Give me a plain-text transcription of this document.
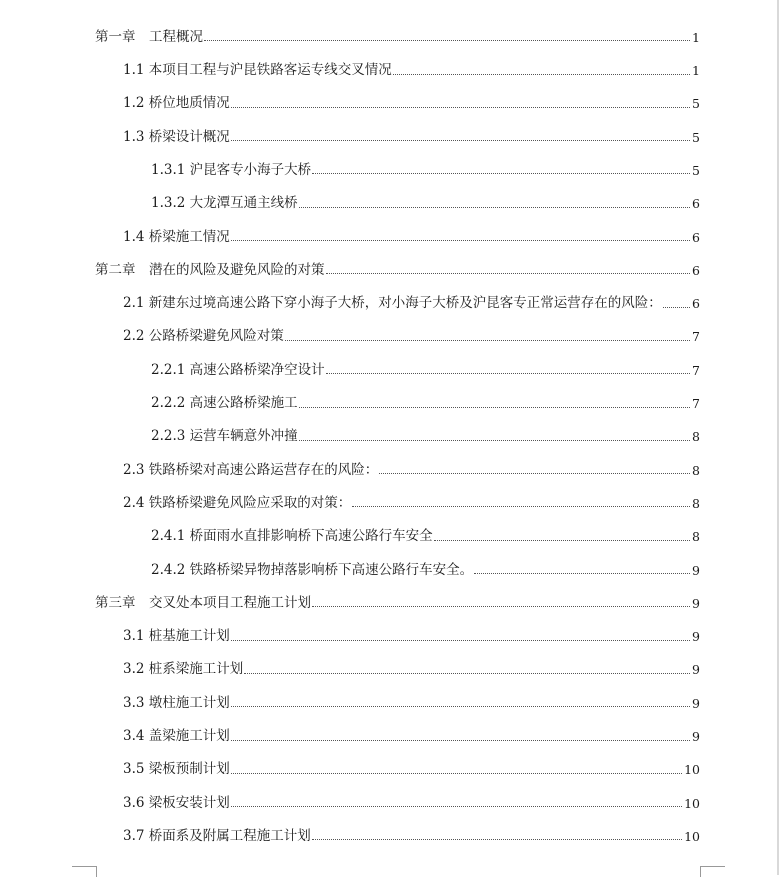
第一章　工程概况	1
1.1 本项目工程与沪昆铁路客运专线交叉情况	1
1.2 桥位地质情况	5
1.3 桥梁设计概况	5
1.3.1 沪昆客专小海子大桥	5
1.3.2 大龙潭互通主线桥	6
1.4 桥梁施工情况	6
第二章　潜在的风险及避免风险的对策	6
2.1 新建东过境高速公路下穿小海子大桥，对小海子大桥及沪昆客专正常运营存在的风险： 6
2.2 公路桥梁避免风险对策	7
2.2.1 高速公路桥梁净空设计	7
2.2.2 高速公路桥梁施工	7
2.2.3 运营车辆意外冲撞	8
2.3 铁路桥梁对高速公路运营存在的风险：	8
2.4 铁路桥梁避免风险应采取的对策：	8
2.4.1 桥面雨水直排影响桥下高速公路行车安全	8
2.4.2 铁路桥梁异物掉落影响桥下高速公路行车安全。	9
第三章　交叉处本项目工程施工计划	9
3.1 桩基施工计划	9
3.2 桩系梁施工计划	9
3.3 墩柱施工计划	9
3.4 盖梁施工计划	9
3.5 梁板预制计划	10
3.6 梁板安装计划	10
3.7 桥面系及附属工程施工计划	10
